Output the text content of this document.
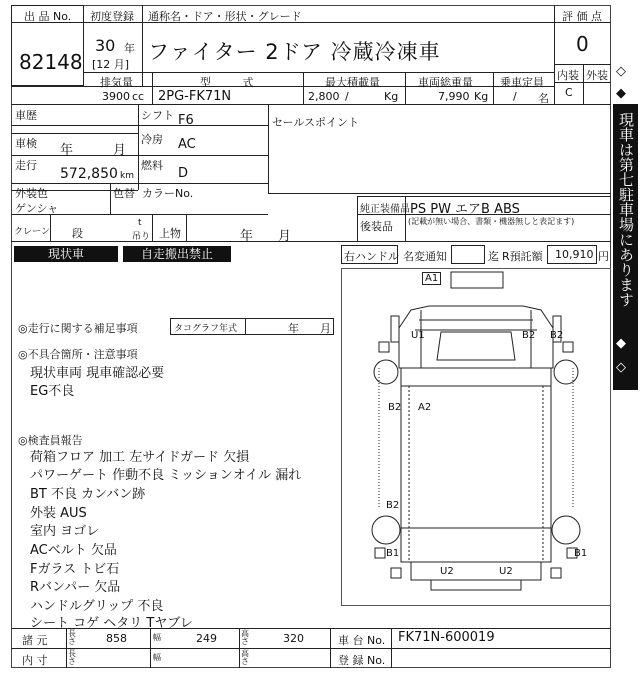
出 品 No.
82148
初度登録 通称名・ドア・形状・グレード
30 年
[12 月]
ファイター 2ドア 冷蔵冷凍車
評 価 点
0
内装 外装
C
排気量	型 式	最大積載量	車両総重量 乗車定員
3900 cc 2PG-FK71N	2,800 /	Kg	7,990 Kg / 名
車歴	シフト F6
車検 年	月
冷房 AC
走行
572,850 km
燃料
D
セールスポイント
外装色
ゲンシャ
色替 カラーNo.
純正装備品 PS PW エアB ABS
後装品 (記載が無い場合、書類・機器無しと表記ます)
クレーン 段
t
吊り 上物	年 月
現状車	自走搬出禁止	右ハンドル 名変通知	迄 R預託額 10,910 円
◎走行に関する補足事項	タコグラフ年式	年 月
◎不具合箇所・注意事項
現状車両 現車確認必要
EG不良
◎検査員報告
荷箱フロア 加工 左サイドガード 欠損
パワーゲート 作動不良 ミッションオイル 漏れ
BT 不良 カンバン跡
外装 AUS
室内 ヨゴレ
ACベルト 欠品
Fガラス トビ石
Rバンパー 欠品
ハンドルグリップ 不良
シート コゲ ヘタリ Tヤブレ
A1
U1	B2 B2
B2 A2
B2
B1	B1
U2	U2
◇
◆
現車は第七駐車場にあります
◆
◇
諸 元
長さ	858	幅	249	高さ	320	車 台 No. FK71N-600019
内 寸
長さ	幅	高さ	登 録 No.
